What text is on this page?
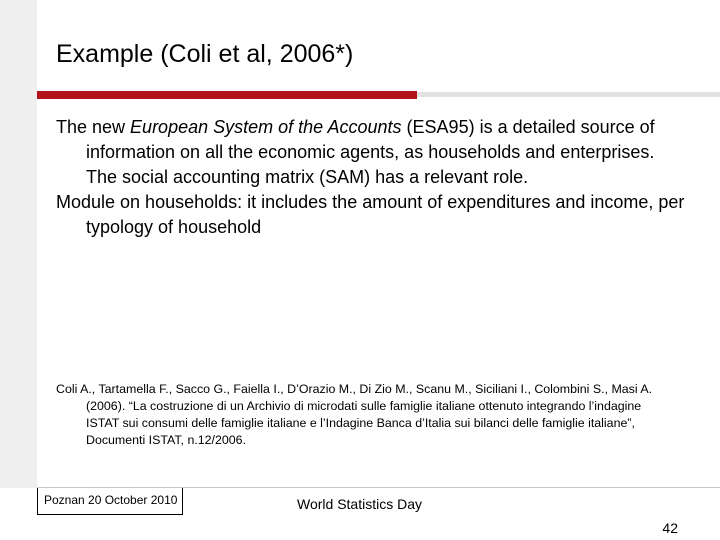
Example (Coli et al, 2006*)

The new European System of the Accounts (ESA95) is a detailed source of information on all the economic agents, as households and enterprises. The social accounting matrix (SAM) has a relevant role.

Module on households: it includes the amount of expenditures and income, per typology of household

Coli A., Tartamella F., Sacco G., Faiella I., D’Orazio M., Di Zio M., Scanu M., Siciliani I., Colombini S., Masi A. (2006). “La costruzione di un Archivio di microdati sulle famiglie italiane ottenuto integrando l’indagine ISTAT sui consumi delle famiglie italiane e l’Indagine Banca d’Italia sui bilanci delle famiglie italiane”, Documenti ISTAT, n.12/2006.

Poznan 20 October 2010	World Statistics Day
42
